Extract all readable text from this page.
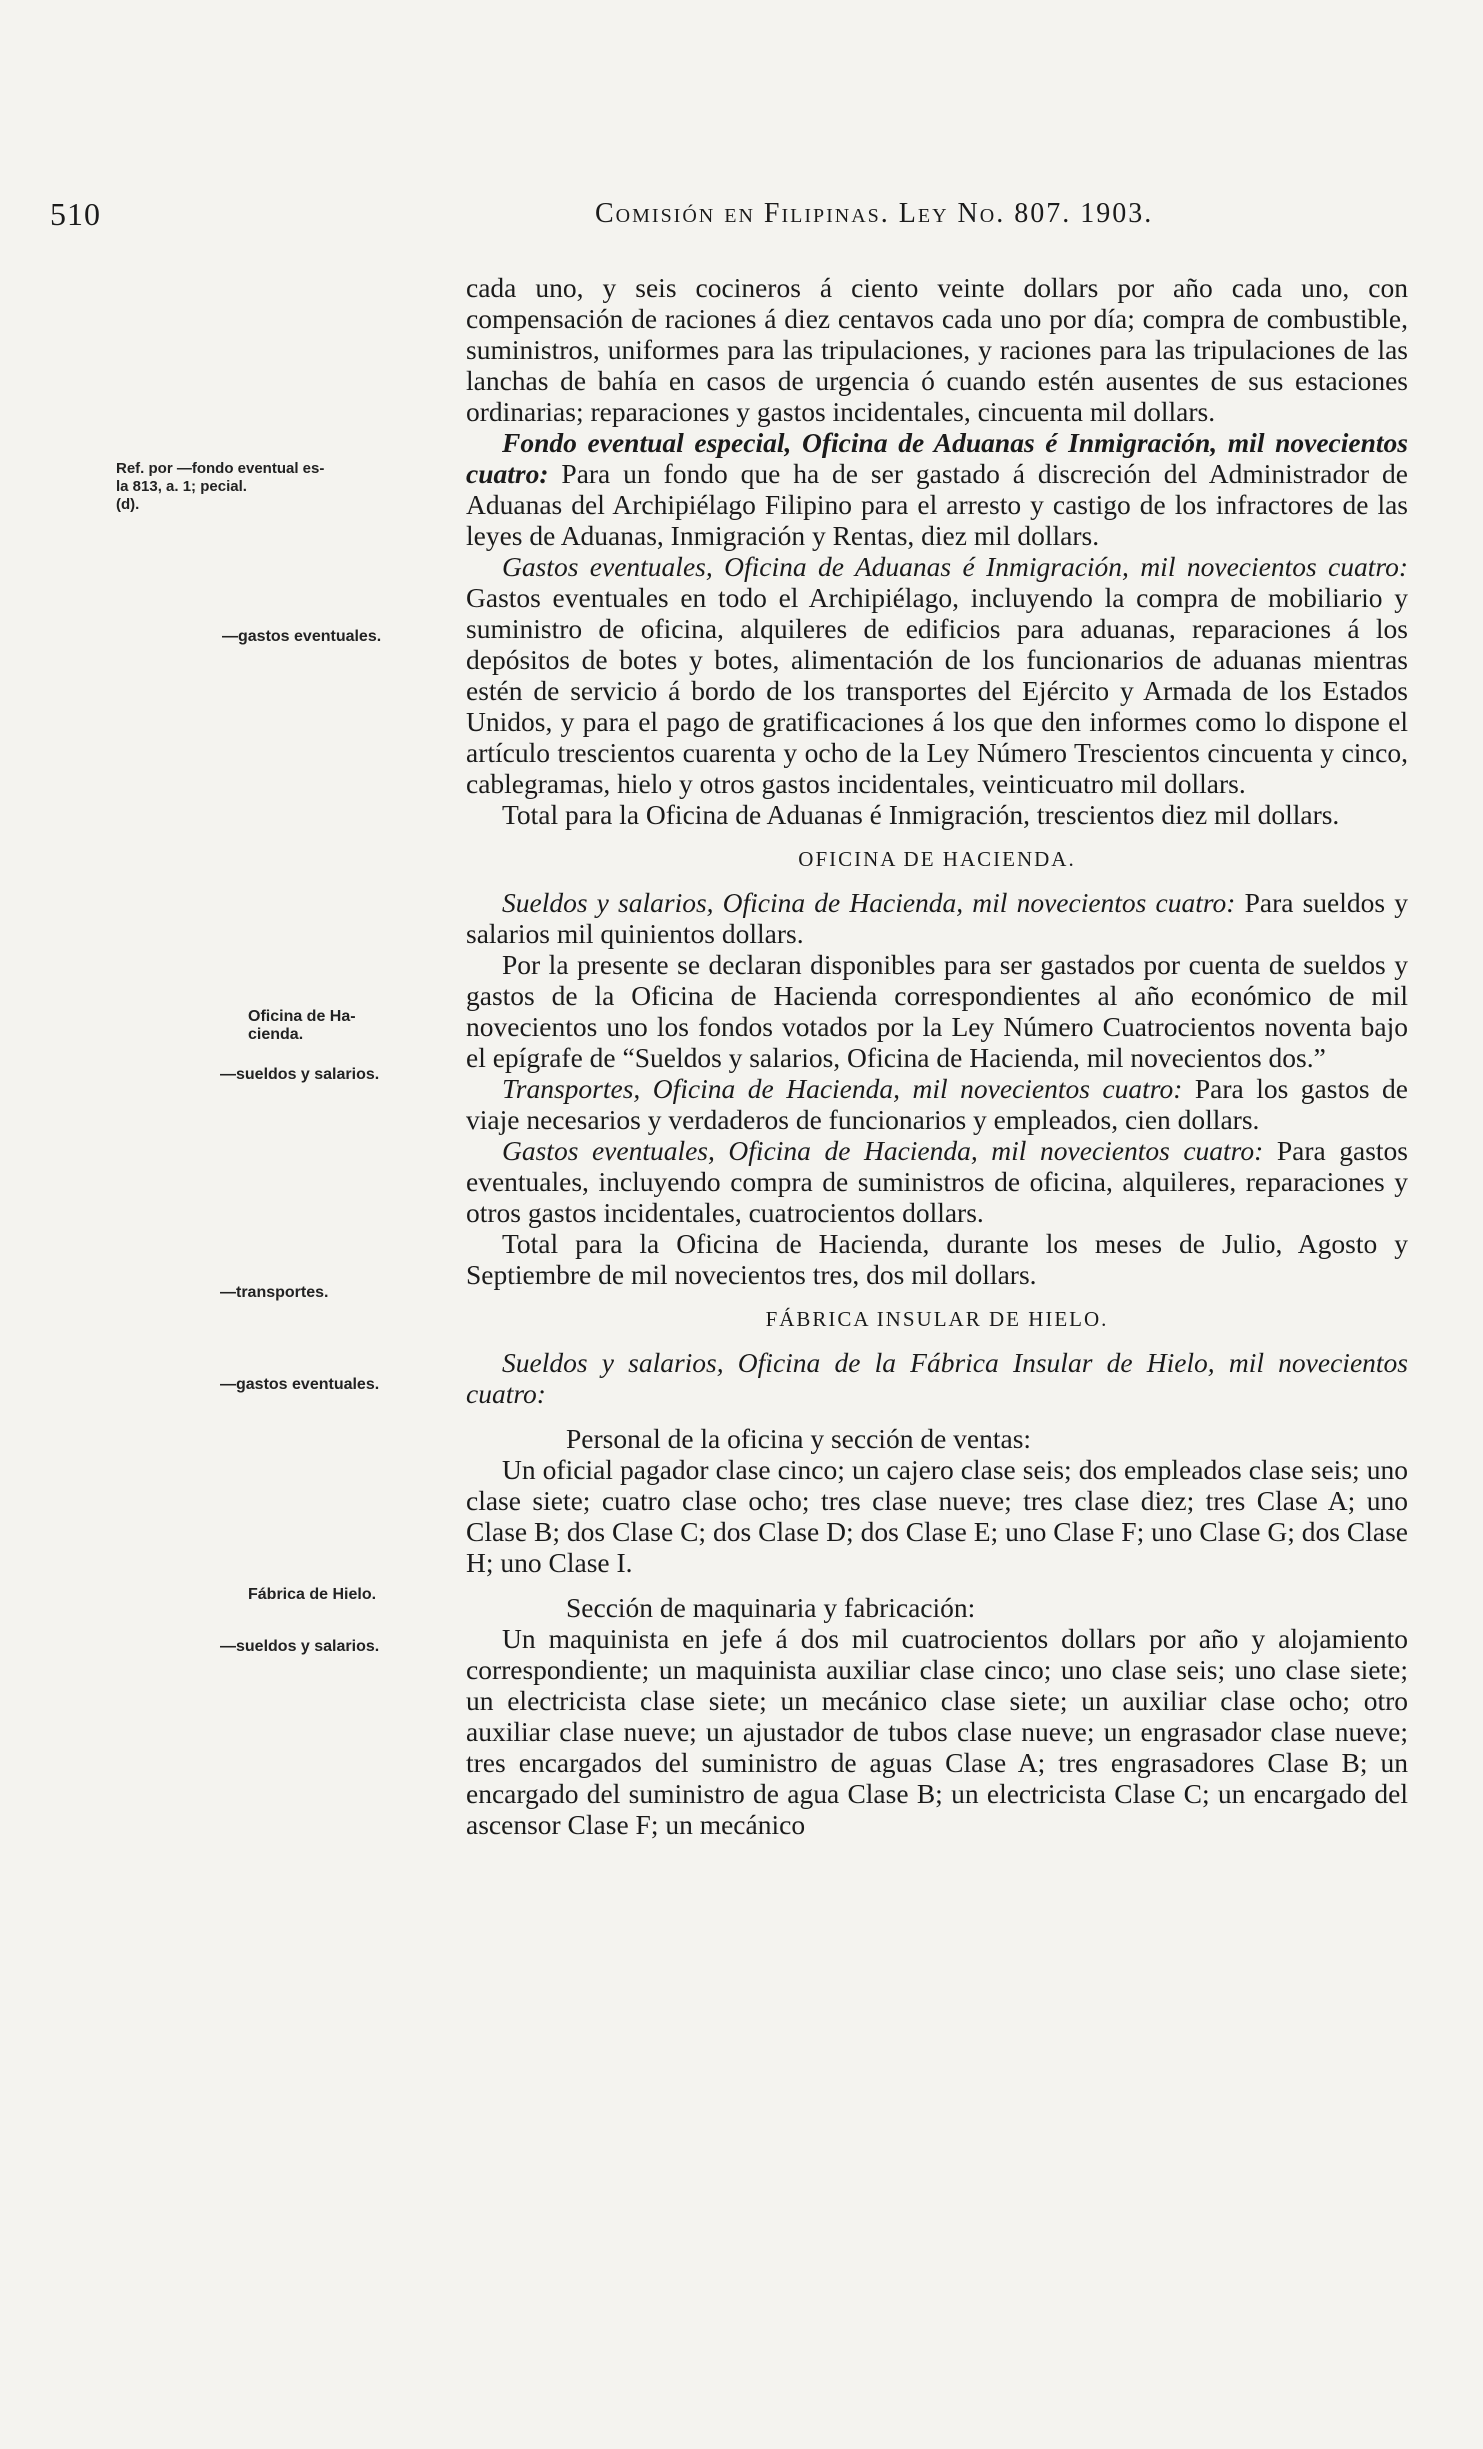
510	Comisión en Filipinas. Ley No. 807. 1903.
Ref. por —fondo eventual es-
la 813, a. 1; pecial.
(d).
—gastos eventuales.
Oficina de Ha-
cienda.
—sueldos y salarios.
—transportes.
—gastos eventuales.
Fábrica de Hielo.
—sueldos y salarios.

cada uno, y seis cocineros á ciento veinte dollars por año cada uno, con compensación de raciones á diez centavos cada uno por día; compra de combustible, suministros, uniformes para las tripulaciones, y raciones para las tripulaciones de las lanchas de bahía en casos de urgencia ó cuando estén ausentes de sus estaciones ordinarias; reparaciones y gastos incidentales, cincuenta mil dollars.

Fondo eventual especial, Oficina de Aduanas é Inmigración, mil novecientos cuatro: Para un fondo que ha de ser gastado á discreción del Administrador de Aduanas del Archipiélago Filipino para el arresto y castigo de los infractores de las leyes de Aduanas, Inmigración y Rentas, diez mil dollars.

Gastos eventuales, Oficina de Aduanas é Inmigración, mil novecientos cuatro: Gastos eventuales en todo el Archipiélago, incluyendo la compra de mobiliario y suministro de oficina, alquileres de edificios para aduanas, reparaciones á los depósitos de botes y botes, alimentación de los funcionarios de aduanas mientras estén de servicio á bordo de los transportes del Ejército y Armada de los Estados Unidos, y para el pago de gratificaciones á los que den informes como lo dispone el artículo trescientos cuarenta y ocho de la Ley Número Trescientos cincuenta y cinco, cablegramas, hielo y otros gastos incidentales, veinticuatro mil dollars.

Total para la Oficina de Aduanas é Inmigración, trescientos diez mil dollars.

OFICINA DE HACIENDA.

Sueldos y salarios, Oficina de Hacienda, mil novecientos cuatro: Para sueldos y salarios mil quinientos dollars.

Por la presente se declaran disponibles para ser gastados por cuenta de sueldos y gastos de la Oficina de Hacienda correspondientes al año económico de mil novecientos uno los fondos votados por la Ley Número Cuatrocientos noventa bajo el epígrafe de “Sueldos y salarios, Oficina de Hacienda, mil novecientos dos.”

Transportes, Oficina de Hacienda, mil novecientos cuatro: Para los gastos de viaje necesarios y verdaderos de funcionarios y empleados, cien dollars.

Gastos eventuales, Oficina de Hacienda, mil novecientos cuatro: Para gastos eventuales, incluyendo compra de suministros de oficina, alquileres, reparaciones y otros gastos incidentales, cuatrocientos dollars.

Total para la Oficina de Hacienda, durante los meses de Julio, Agosto y Septiembre de mil novecientos tres, dos mil dollars.

FÁBRICA INSULAR DE HIELO.

Sueldos y salarios, Oficina de la Fábrica Insular de Hielo, mil novecientos cuatro:

Personal de la oficina y sección de ventas:

Un oficial pagador clase cinco; un cajero clase seis; dos empleados clase seis; uno clase siete; cuatro clase ocho; tres clase nueve; tres clase diez; tres Clase A; uno Clase B; dos Clase C; dos Clase D; dos Clase E; uno Clase F; uno Clase G; dos Clase H; uno Clase I.

Sección de maquinaria y fabricación:

Un maquinista en jefe á dos mil cuatrocientos dollars por año y alojamiento correspondiente; un maquinista auxiliar clase cinco; uno clase seis; uno clase siete; un electricista clase siete; un mecánico clase siete; un auxiliar clase ocho; otro auxiliar clase nueve; un ajustador de tubos clase nueve; un engrasador clase nueve; tres encargados del suministro de aguas Clase A; tres engrasadores Clase B; un encargado del suministro de agua Clase B; un electricista Clase C; un encargado del ascensor Clase F; un mecánico
